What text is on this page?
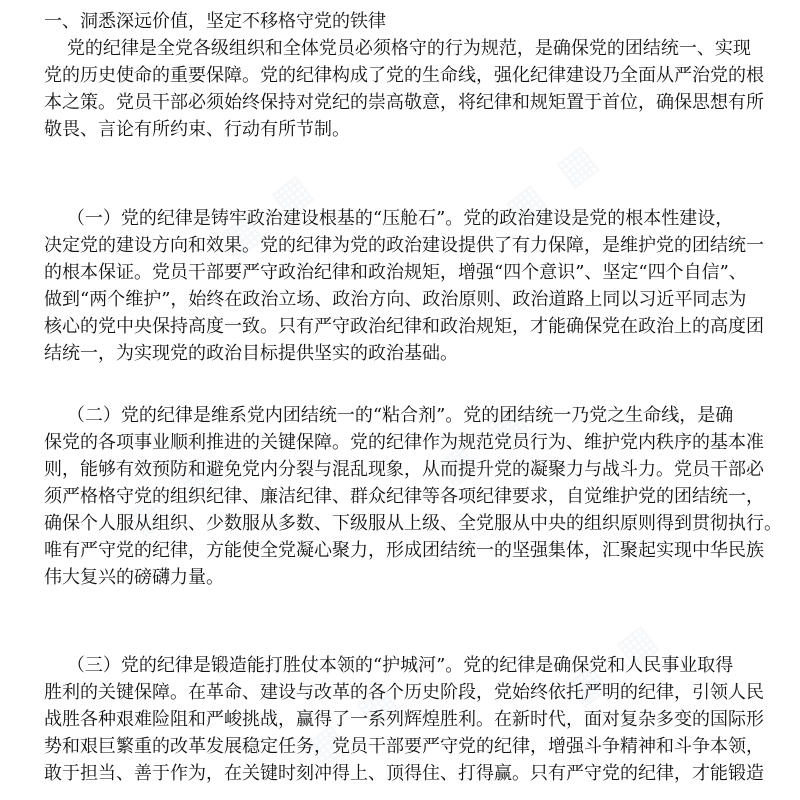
▦ ▦	▦ ▦
▦ ▦
▦ ▦
▦ ▦
▦ ▦
一、洞悉深远价值，坚定不移格守党的铁律
党的纪律是全党各级组织和全体党员必须格守的行为规范，是确保党的团结统一、实现
党的历史使命的重要保障。党的纪律构成了党的生命线，强化纪律建设乃全面从严治党的根
本之策。党员干部必须始终保持对党纪的崇高敬意，将纪律和规矩置于首位，确保思想有所
敬畏、言论有所约束、行动有所节制。
（一）党的纪律是铸牢政治建设根基的“压舱石”。党的政治建设是党的根本性建设，
决定党的建设方向和效果。党的纪律为党的政治建设提供了有力保障，是维护党的团结统一
的根本保证。党员干部要严守政治纪律和政治规矩，增强“四个意识”、坚定“四个自信”、
做到“两个维护”，始终在政治立场、政治方向、政治原则、政治道路上同以习近平同志为
核心的党中央保持高度一致。只有严守政治纪律和政治规矩，才能确保党在政治上的高度团
结统一，为实现党的政治目标提供坚实的政治基础。
（二）党的纪律是维系党内团结统一的“粘合剂”。党的团结统一乃党之生命线，是确
保党的各项事业顺利推进的关键保障。党的纪律作为规范党员行为、维护党内秩序的基本准
则，能够有效预防和避免党内分裂与混乱现象，从而提升党的凝聚力与战斗力。党员干部必
须严格格守党的组织纪律、廉洁纪律、群众纪律等各项纪律要求，自觉维护党的团结统一，
确保个人服从组织、少数服从多数、下级服从上级、全党服从中央的组织原则得到贯彻执行。
唯有严守党的纪律，方能使全党凝心聚力，形成团结统一的坚强集体，汇聚起实现中华民族
伟大复兴的磅礴力量。
（三）党的纪律是锻造能打胜仗本领的“护城河”。党的纪律是确保党和人民事业取得
胜利的关键保障。在革命、建设与改革的各个历史阶段，党始终依托严明的纪律，引领人民
战胜各种艰难险阻和严峻挑战，赢得了一系列辉煌胜利。在新时代，面对复杂多变的国际形
势和艰巨繁重的改革发展稳定任务，党员干部要严守党的纪律，增强斗争精神和斗争本领，
敢于担当、善于作为，在关键时刻冲得上、顶得住、打得赢。只有严守党的纪律，才能锻造
